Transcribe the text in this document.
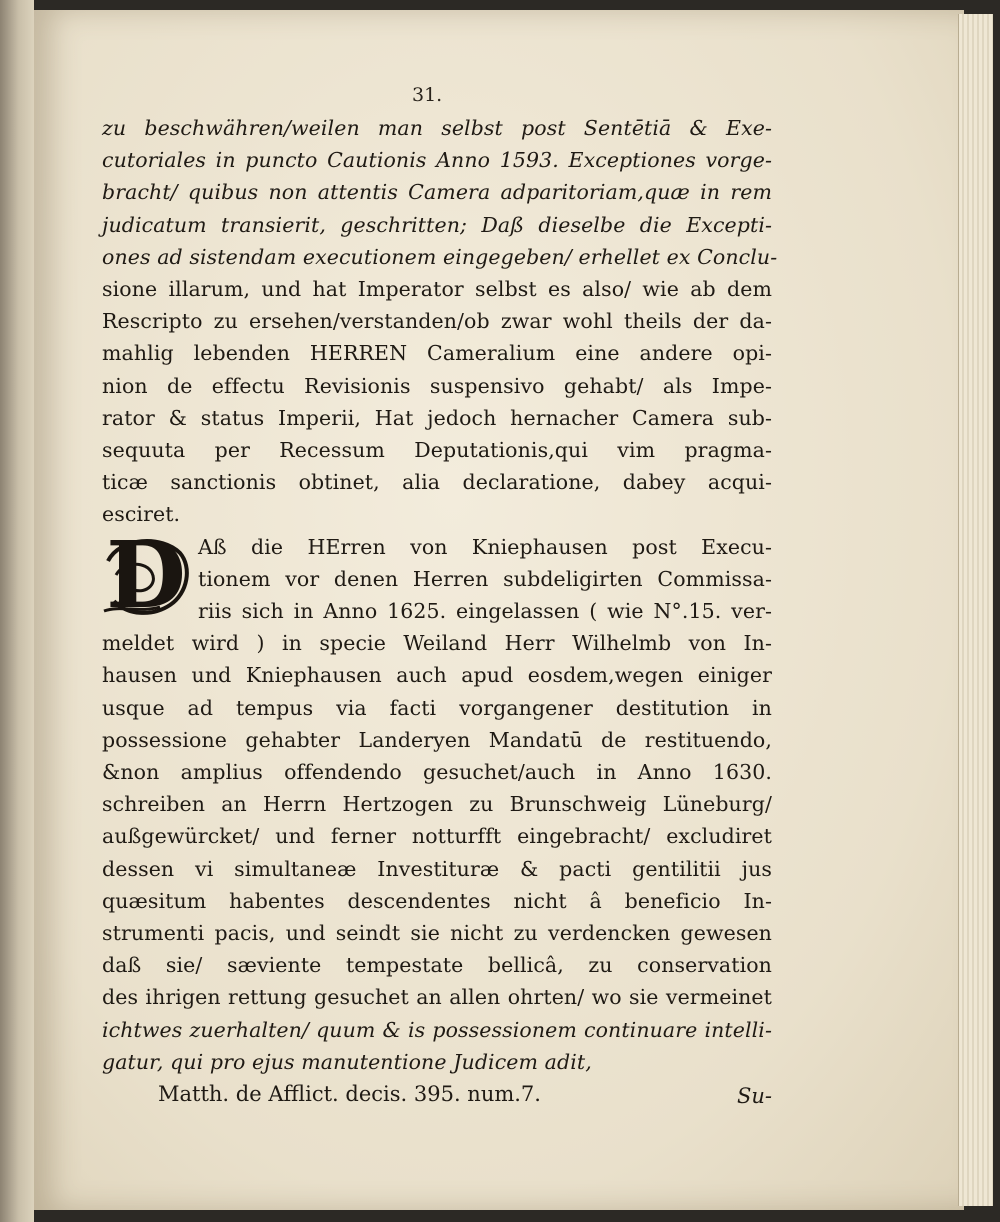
31.
zu beschwähren/weilen man selbst post Sentētiā & Exe-
cutoriales in puncto Cautionis Anno 1593. Exceptiones vorge-
bracht/ quibus non attentis Camera adparitoriam,quæ in rem
judicatum transierit, geschritten; Daß dieselbe die Excepti-
ones ad sistendam executionem eingegeben/ erhellet ex Conclu-
sione illarum, und hat Imperator selbst es also/ wie ab dem
Rescripto zu ersehen/verstanden/ob zwar wohl theils der da-
mahlig lebenden HERREN Cameralium eine andere opi-
nion de effectu Revisionis suspensivo gehabt/ als Impe-
rator & status Imperii, Hat jedoch hernacher Camera sub-
sequuta per Recessum Deputationis,qui vim pragma-
ticæ sanctionis obtinet, alia declaratione, dabey acqui-
esciret.
D Aß die HErren von Kniephausen post Execu-
tionem vor denen Herren subdeligirten Commissa-
riis sich in Anno 1625. eingelassen ( wie N°.15. ver-
meldet wird ) in specie Weiland Herr Wilhelmb von In-
hausen und Kniephausen auch apud eosdem,wegen einiger
usque ad tempus via facti vorgangener destitution in
possessione gehabter Landeryen Mandatū de restituendo,
&non amplius offendendo gesuchet/auch in Anno 1630.
schreiben an Herrn Hertzogen zu Brunschweig Lüneburg/
außgewürcket/ und ferner notturfft eingebracht/ excludiret
dessen vi simultaneæ Investituræ & pacti gentilitii jus
quæsitum habentes descendentes nicht â beneficio In-
strumenti pacis, und seindt sie nicht zu verdencken gewesen
daß sie/ sæviente tempestate bellicâ, zu conservation
des ihrigen rettung gesuchet an allen ohrten/ wo sie vermeinet
ichtwes zuerhalten/ quum & is possessionem continuare intelli-
gatur, qui pro ejus manutentione Judicem adit,
Matth. de Afflict. decis. 395. num.7.	Su-
